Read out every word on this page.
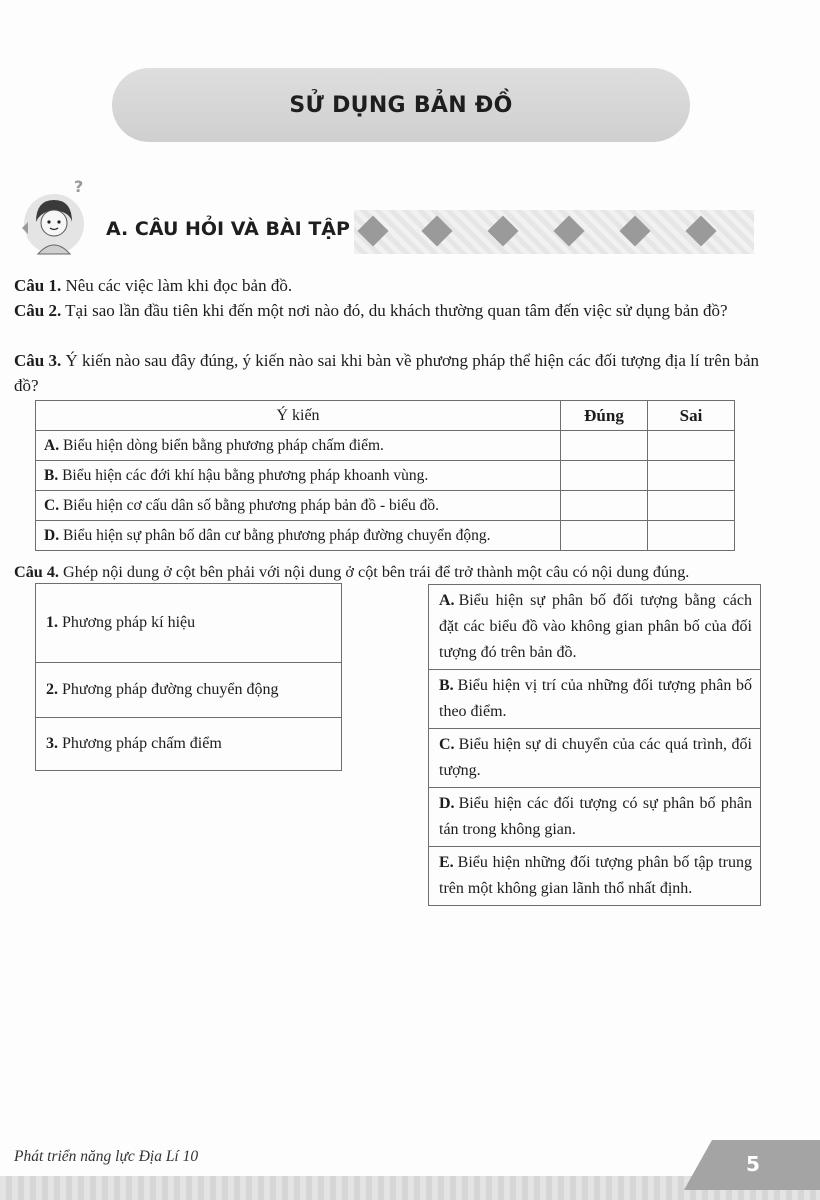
SỬ DỤNG BẢN ĐỒ
?
A. CÂU HỎI VÀ BÀI TẬP
Câu 1. Nêu các việc làm khi đọc bản đồ.
Câu 2. Tại sao lần đầu tiên khi đến một nơi nào đó, du khách thường quan tâm đến việc sử dụng bản đồ?
Câu 3. Ý kiến nào sau đây đúng, ý kiến nào sai khi bàn về phương pháp thể hiện các đối tượng địa lí trên bản đồ?
Ý kiến	Đúng	Sai
A. Biểu hiện dòng biển bằng phương pháp chấm điểm.		
B. Biểu hiện các đới khí hậu bằng phương pháp khoanh vùng.		
C. Biểu hiện cơ cấu dân số bằng phương pháp bản đồ - biểu đồ.		
D. Biểu hiện sự phân bố dân cư bằng phương pháp đường chuyển động.		
Câu 4. Ghép nội dung ở cột bên phải với nội dung ở cột bên trái để trở thành một câu có nội dung đúng.
1. Phương pháp kí hiệu
2. Phương pháp đường chuyển động
3. Phương pháp chấm điểm
A. Biểu hiện sự phân bố đối tượng bằng cách đặt các biểu đồ vào không gian phân bố của đối tượng đó trên bản đồ.
B. Biểu hiện vị trí của những đối tượng phân bố theo điểm.
C. Biểu hiện sự di chuyển của các quá trình, đối tượng.
D. Biểu hiện các đối tượng có sự phân bố phân tán trong không gian.
E. Biểu hiện những đối tượng phân bố tập trung trên một không gian lãnh thổ nhất định.
Phát triển năng lực Địa Lí 10	5
